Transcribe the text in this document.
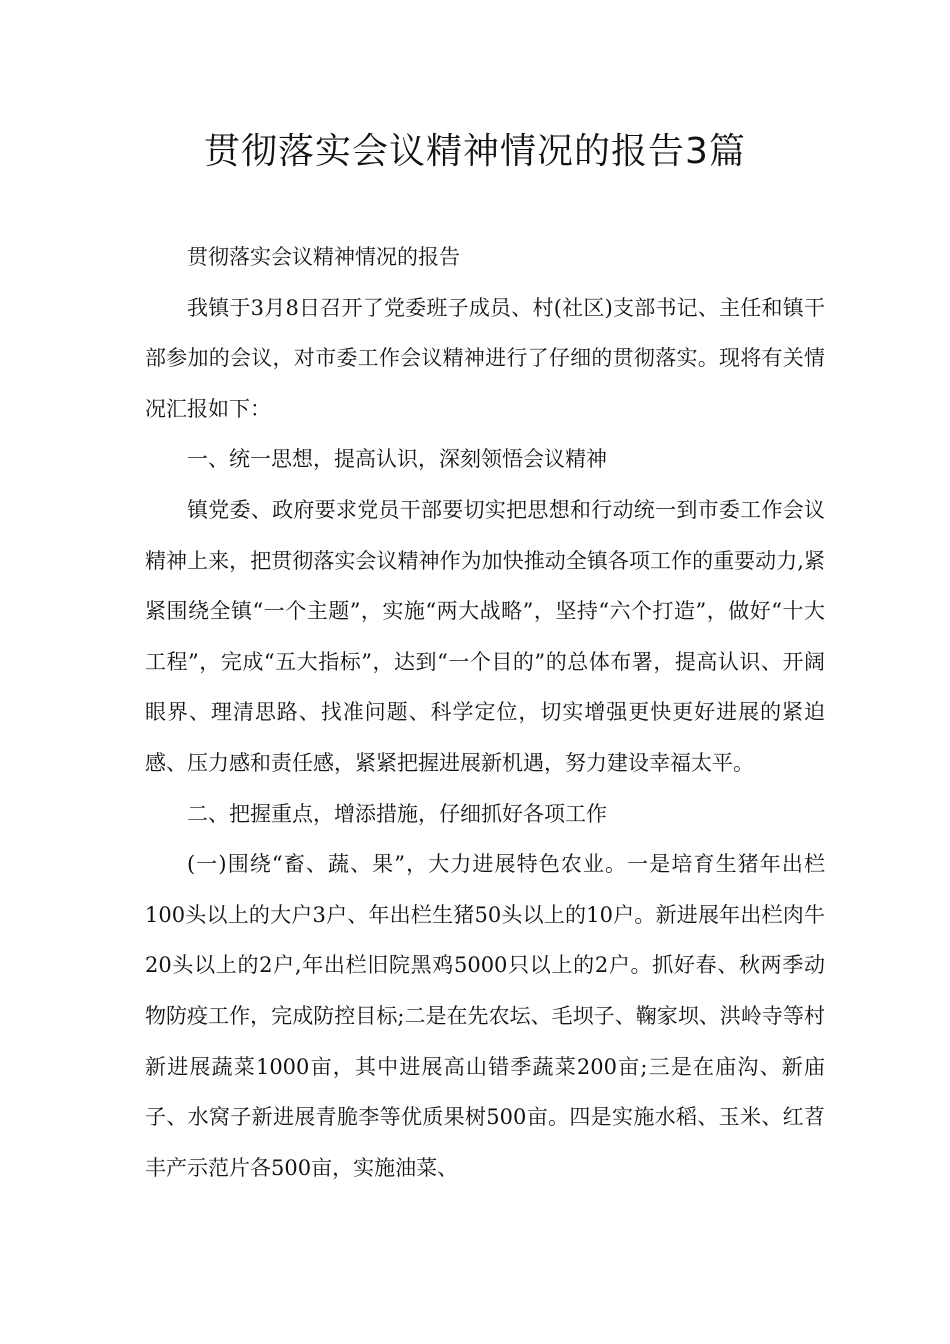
贯彻落实会议精神情况的报告3篇

贯彻落实会议精神情况的报告

我镇于3月8日召开了党委班子成员、村(社区)支部书记、主任和镇干部参加的会议，对市委工作会议精神进行了仔细的贯彻落实。现将有关情况汇报如下：

一、统一思想，提高认识，深刻领悟会议精神

镇党委、政府要求党员干部要切实把思想和行动统一到市委工作会议精神上来，把贯彻落实会议精神作为加快推动全镇各项工作的重要动力,紧紧围绕全镇“一个主题”，实施“两大战略”，坚持“六个打造”，做好“十大工程”，完成“五大指标”，达到“一个目的”的总体布署，提高认识、开阔眼界、理清思路、找准问题、科学定位，切实增强更快更好进展的紧迫感、压力感和责任感，紧紧把握进展新机遇，努力建设幸福太平。

二、把握重点，增添措施，仔细抓好各项工作

(一)围绕“畜、蔬、果”，大力进展特色农业。一是培育生猪年出栏100头以上的大户3户、年出栏生猪50头以上的10户。新进展年出栏肉牛20头以上的2户,年出栏旧院黑鸡5000只以上的2户。抓好春、秋两季动物防疫工作，完成防控目标;二是在先农坛、毛坝子、鞠家坝、洪岭寺等村新进展蔬菜1000亩，其中进展高山错季蔬菜200亩;三是在庙沟、新庙子、水窝子新进展青脆李等优质果树500亩。四是实施水稻、玉米、红苕丰产示范片各500亩，实施油菜、
